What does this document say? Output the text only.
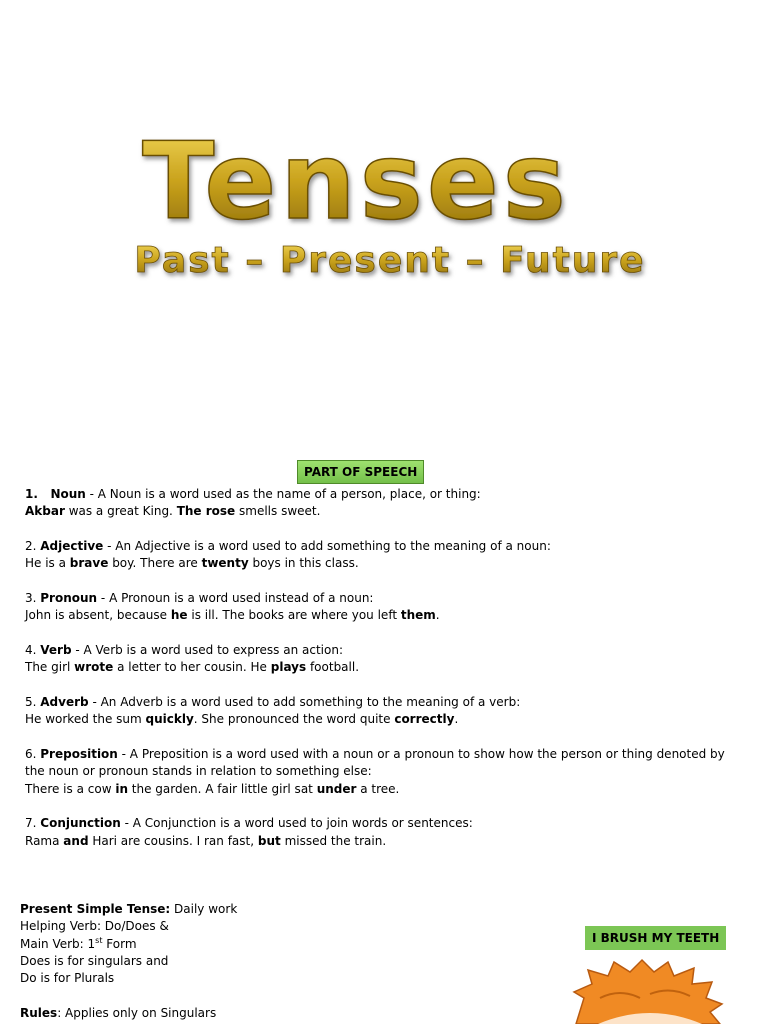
Tenses
Past – Present – Future
PART OF SPEECH
1.   Noun - A Noun is a word used as the name of a person, place, or thing:
Akbar was a great King. The rose smells sweet.
2. Adjective - An Adjective is a word used to add something to the meaning of a noun:
He is a brave boy. There are twenty boys in this class.
3. Pronoun - A Pronoun is a word used instead of a noun:
John is absent, because he is ill. The books are where you left them.
4. Verb - A Verb is a word used to express an action:
The girl wrote a letter to her cousin. He plays football.
5. Adverb - An Adverb is a word used to add something to the meaning of a verb:
He worked the sum quickly. She pronounced the word quite correctly.
6. Preposition - A Preposition is a word used with a noun or a pronoun to show how the person or thing denoted by the noun or pronoun stands in relation to something else:
There is a cow in the garden. A fair little girl sat under a tree.
7. Conjunction - A Conjunction is a word used to join words or sentences:
Rama and Hari are cousins. I ran fast, but missed the train.
Present Simple Tense: Daily work
Helping Verb: Do/Does &
Main Verb: 1st Form
Does is for singulars and
Do is for Plurals
Rules: Applies only on Singulars
I BRUSH MY TEETH
